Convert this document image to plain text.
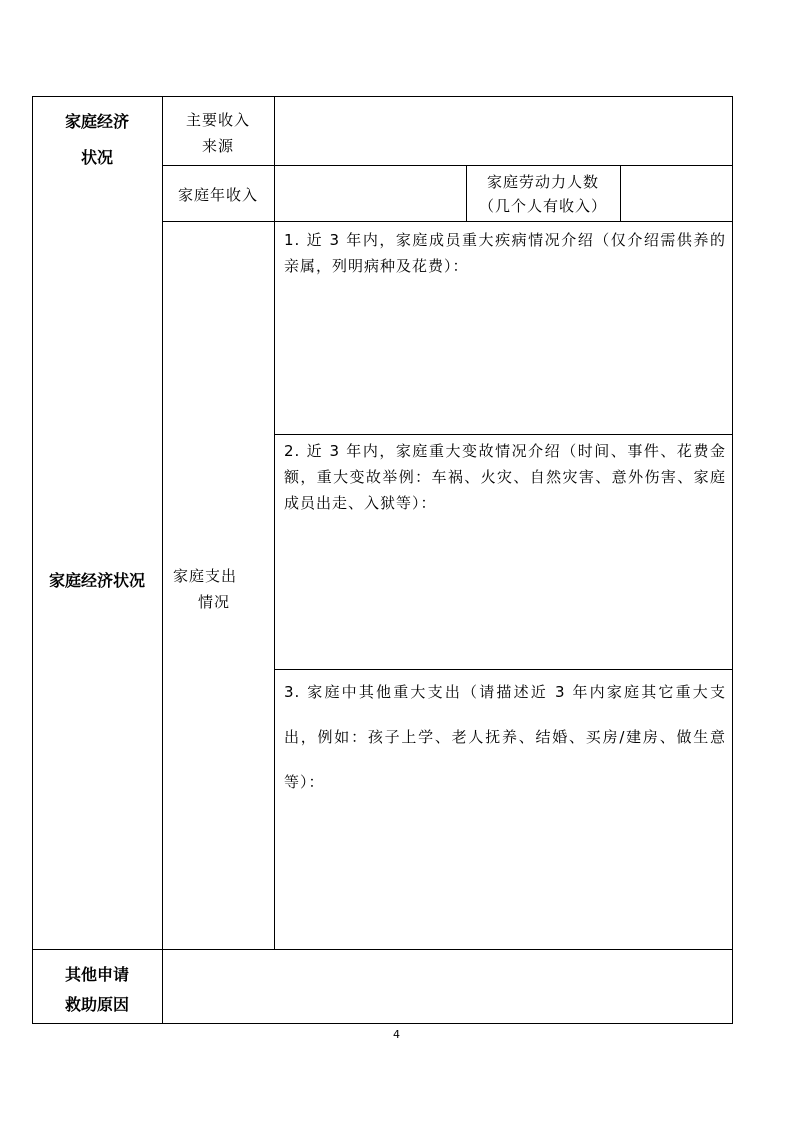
家庭经济
状况
主要收入
来源
家庭年收入
家庭劳动力人数
（几个人有收入）
家庭经济状况	家庭支出
情况
1. 近 3 年内，家庭成员重大疾病情况介绍（仅介绍需供养的亲属，列明病种及花费）：
2. 近 3 年内，家庭重大变故情况介绍（时间、事件、花费金额，重大变故举例：车祸、火灾、自然灾害、意外伤害、家庭成员出走、入狱等）：
3. 家庭中其他重大支出（请描述近 3 年内家庭其它重大支出，例如：孩子上学、老人抚养、结婚、买房/建房、做生意等）：
其他申请
救助原因
4
